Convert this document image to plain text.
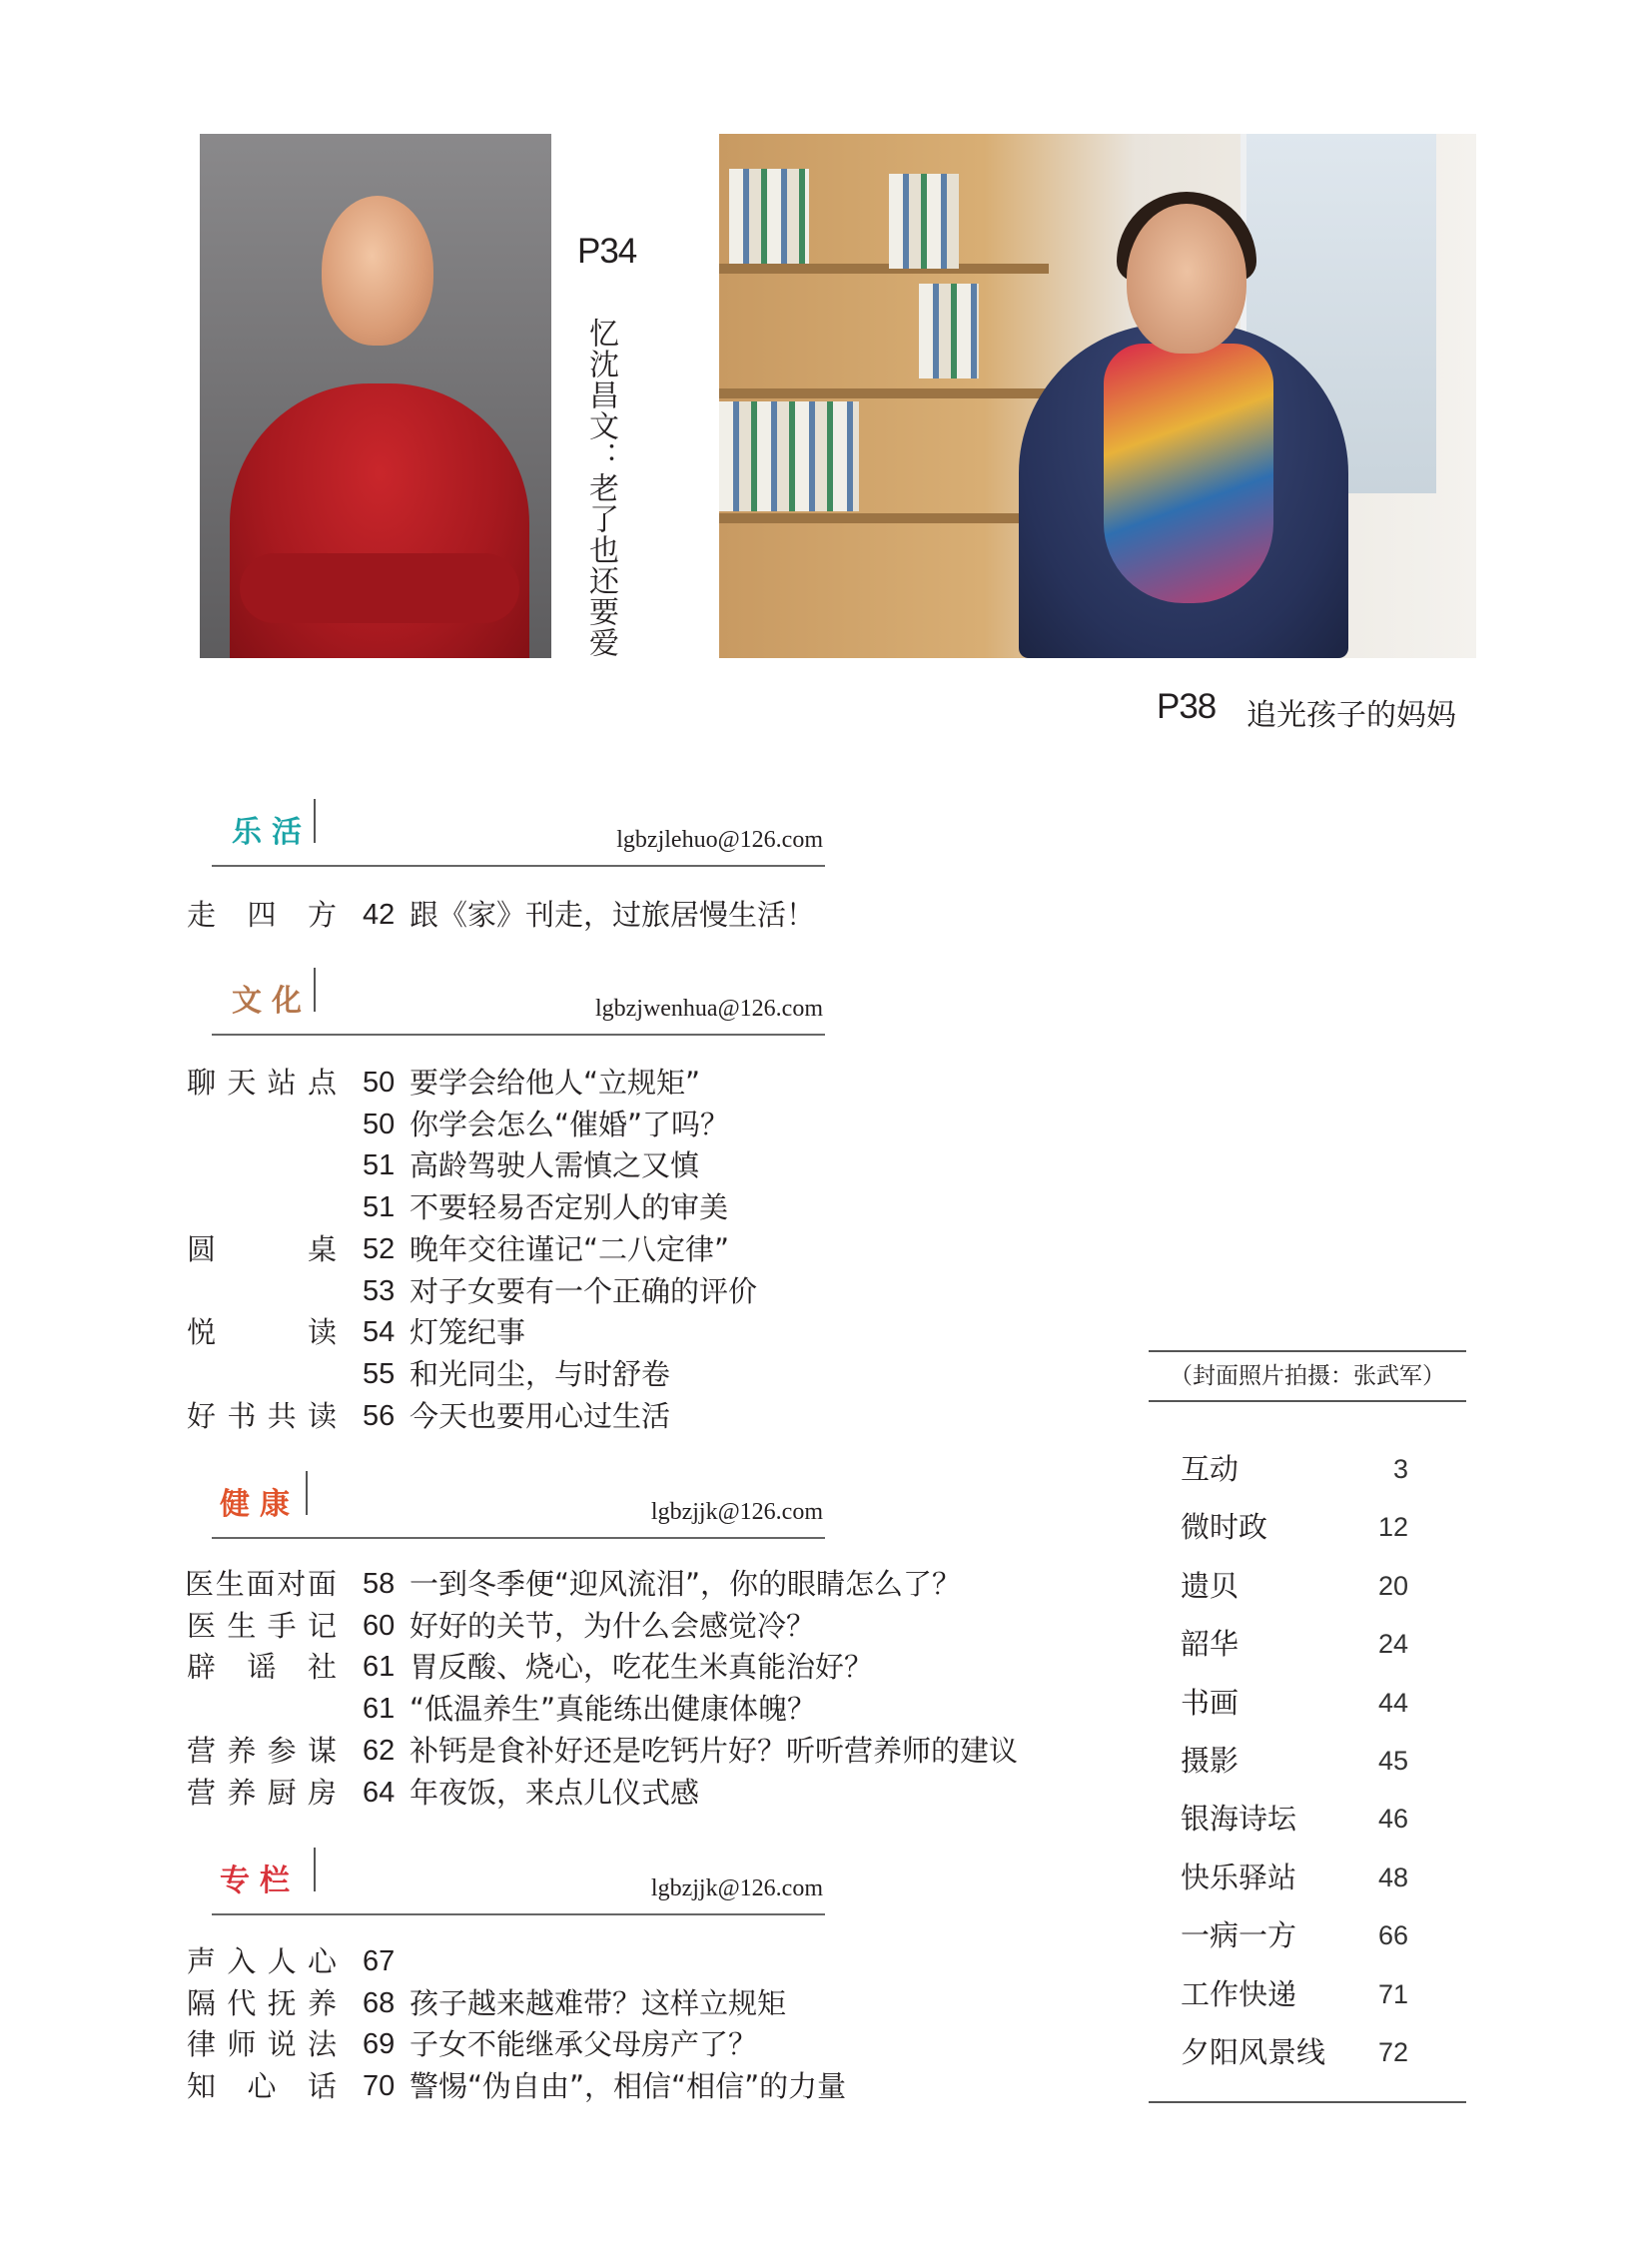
P34
忆沈昌文：老了也还要爱
P38 追光孩子的妈妈
乐活	lgbzjlehuo@126.com
走四方 42 跟《家》刊走，过旅居慢生活！
文化	lgbzjwenhua@126.com
聊天站点 50 要学会给他人“立规矩”
50 你学会怎么“催婚”了吗？
51 高龄驾驶人需慎之又慎
51 不要轻易否定别人的审美
圆桌 52 晚年交往谨记“二八定律”
53 对子女要有一个正确的评价
悦读 54 灯笼纪事
55 和光同尘，与时舒卷
好书共读 56 今天也要用心过生活
健康	lgbzjjk@126.com
医生面对面 58 一到冬季便“迎风流泪”，你的眼睛怎么了？
医生手记 60 好好的关节，为什么会感觉冷？
辟谣社 61 胃反酸、烧心，吃花生米真能治好？
61 “低温养生”真能练出健康体魄？
营养参谋 62 补钙是食补好还是吃钙片好？听听营养师的建议
营养厨房 64 年夜饭，来点儿仪式感
专栏	lgbzjjk@126.com
声入人心 67
隔代抚养 68 孩子越来越难带？这样立规矩
律师说法 69 子女不能继承父母房产了？
知心话 70 警惕“伪自由”，相信“相信”的力量
（封面照片拍摄：张武军）
互动	3
微时政	12
遗贝	20
韶华	24
书画	44
摄影	45
银海诗坛	46
快乐驿站	48
一病一方	66
工作快递	71
夕阳风景线 72
